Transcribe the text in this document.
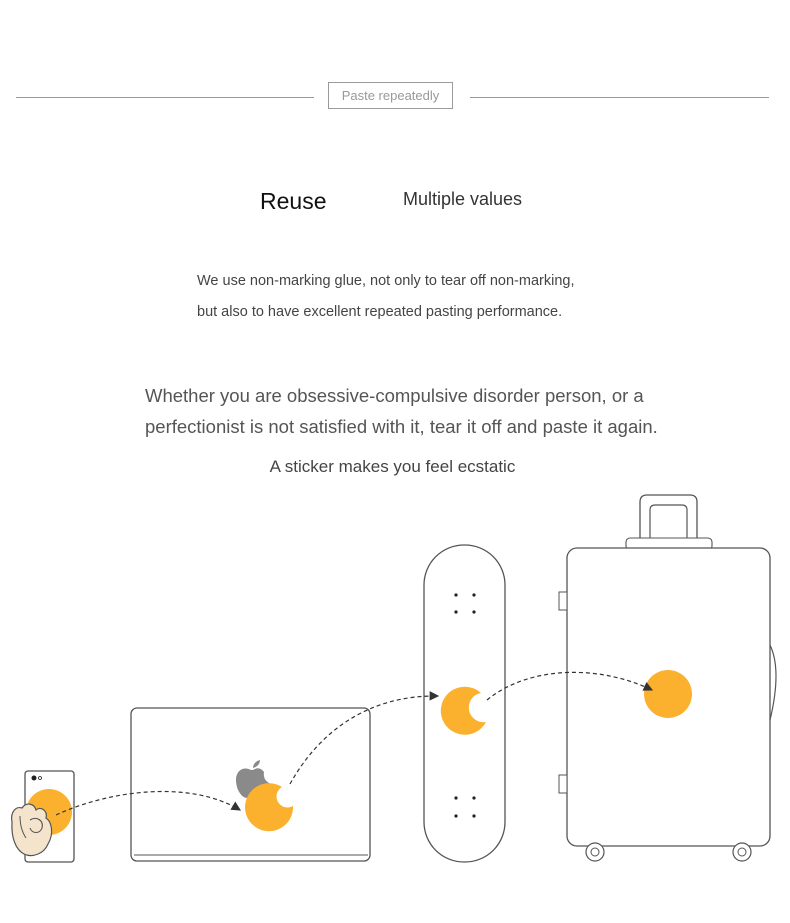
Paste repeatedly
Reuse	Multiple values
We use non-marking glue, not only to tear off non-marking,
but also to have excellent repeated pasting performance.
Whether you are obsessive-compulsive disorder person, or a
perfectionist is not satisfied with it, tear it off and paste it again.
A sticker makes you feel ecstatic
